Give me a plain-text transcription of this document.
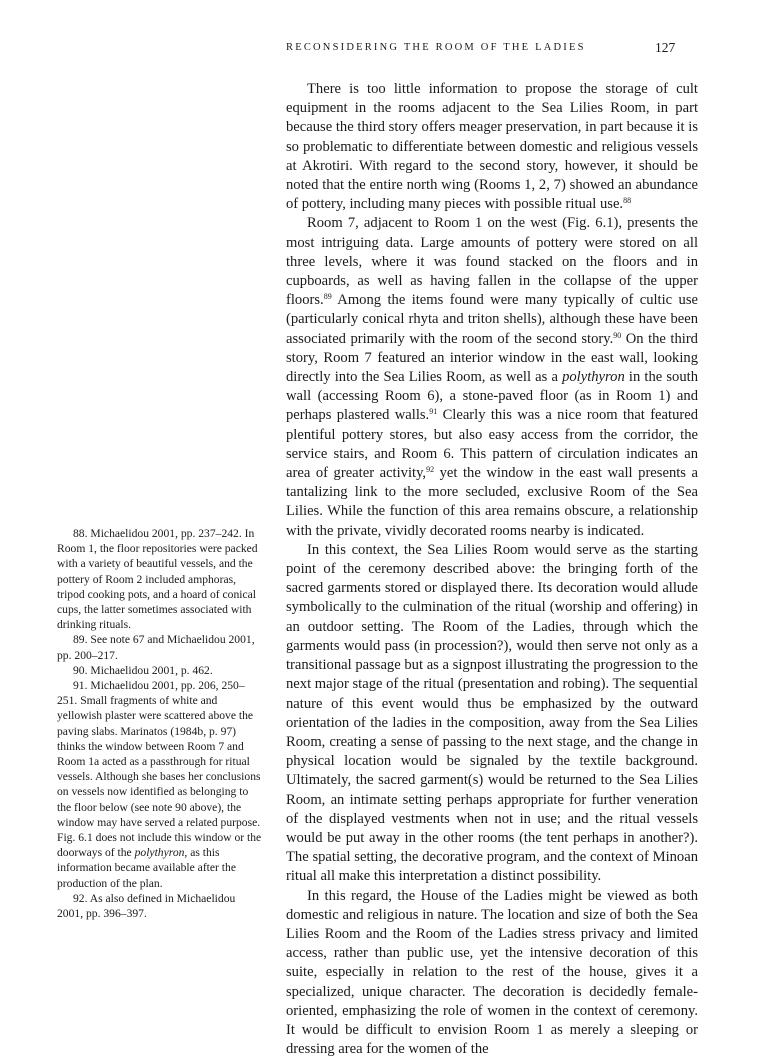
RECONSIDERING THE ROOM OF THE LADIES	127

There is too little information to propose the storage of cult equipment in the rooms adjacent to the Sea Lilies Room, in part because the third story offers meager preservation, in part because it is so problematic to differentiate between domestic and religious vessels at Akrotiri. With regard to the second story, however, it should be noted that the entire north wing (Rooms 1, 2, 7) showed an abundance of pottery, including many pieces with possible ritual use.$^{88}$

Room 7, adjacent to Room 1 on the west (Fig. 6.1), presents the most intriguing data. Large amounts of pottery were stored on all three levels, where it was found stacked on the floors and in cupboards, as well as having fallen in the collapse of the upper floors.$^{89}$ Among the items found were many typically of cultic use (particularly conical rhyta and triton shells), although these have been associated primarily with the room of the second story.$^{90}$ On the third story, Room 7 featured an interior window in the east wall, looking directly into the Sea Lilies Room, as well as a polythyron in the south wall (accessing Room 6), a stone-paved floor (as in Room 1) and perhaps plastered walls.$^{91}$ Clearly this was a nice room that featured plentiful pottery stores, but also easy access from the corridor, the service stairs, and Room 6. This pattern of circulation indicates an area of greater activity,$^{92}$ yet the window in the east wall presents a tantalizing link to the more secluded, exclusive Room of the Sea Lilies. While the function of this area remains obscure, a relationship with the private, vividly decorated rooms nearby is indicated.

In this context, the Sea Lilies Room would serve as the starting point of the ceremony described above: the bringing forth of the sacred garments stored or displayed there. Its decoration would allude symbolically to the culmination of the ritual (worship and offering) in an outdoor setting. The Room of the Ladies, through which the garments would pass (in procession?), would then serve not only as a transitional passage but as a signpost illustrating the progression to the next major stage of the ritual (presentation and robing). The sequential nature of this event would thus be emphasized by the outward orientation of the ladies in the composition, away from the Sea Lilies Room, creating a sense of passing to the next stage, and the change in physical location would be signaled by the textile background. Ultimately, the sacred garment(s) would be returned to the Sea Lilies Room, an intimate setting perhaps appropriate for further veneration of the displayed vestments when not in use; and the ritual vessels would be put away in the other rooms (the tent perhaps in another?). The spatial setting, the decorative program, and the context of Minoan ritual all make this interpretation a distinct possibility.

In this regard, the House of the Ladies might be viewed as both domestic and religious in nature. The location and size of both the Sea Lilies Room and the Room of the Ladies stress privacy and limited access, rather than public use, yet the intensive decoration of this suite, especially in relation to the rest of the house, gives it a specialized, unique character. The decoration is decidedly female-oriented, emphasizing the role of women in the context of ceremony. It would be difficult to envision Room 1 as merely a sleeping or dressing area for the women of the

88. Michaelidou 2001, pp. 237–242. In Room 1, the floor repositories were packed with a variety of beautiful vessels, and the pottery of Room 2 included amphoras, tripod cooking pots, and a hoard of conical cups, the latter sometimes associated with drinking rituals.

89. See note 67 and Michaelidou 2001, pp. 200–217.

90. Michaelidou 2001, p. 462.

91. Michaelidou 2001, pp. 206, 250–251. Small fragments of white and yellowish plaster were scattered above the paving slabs. Marinatos (1984b, p. 97) thinks the window between Room 7 and Room 1a acted as a passthrough for ritual vessels. Although she bases her conclusions on vessels now identified as belonging to the floor below (see note 90 above), the window may have served a related purpose. Fig. 6.1 does not include this window or the doorways of the polythyron, as this information became available after the production of the plan.

92. As also defined in Michaelidou 2001, pp. 396–397.
